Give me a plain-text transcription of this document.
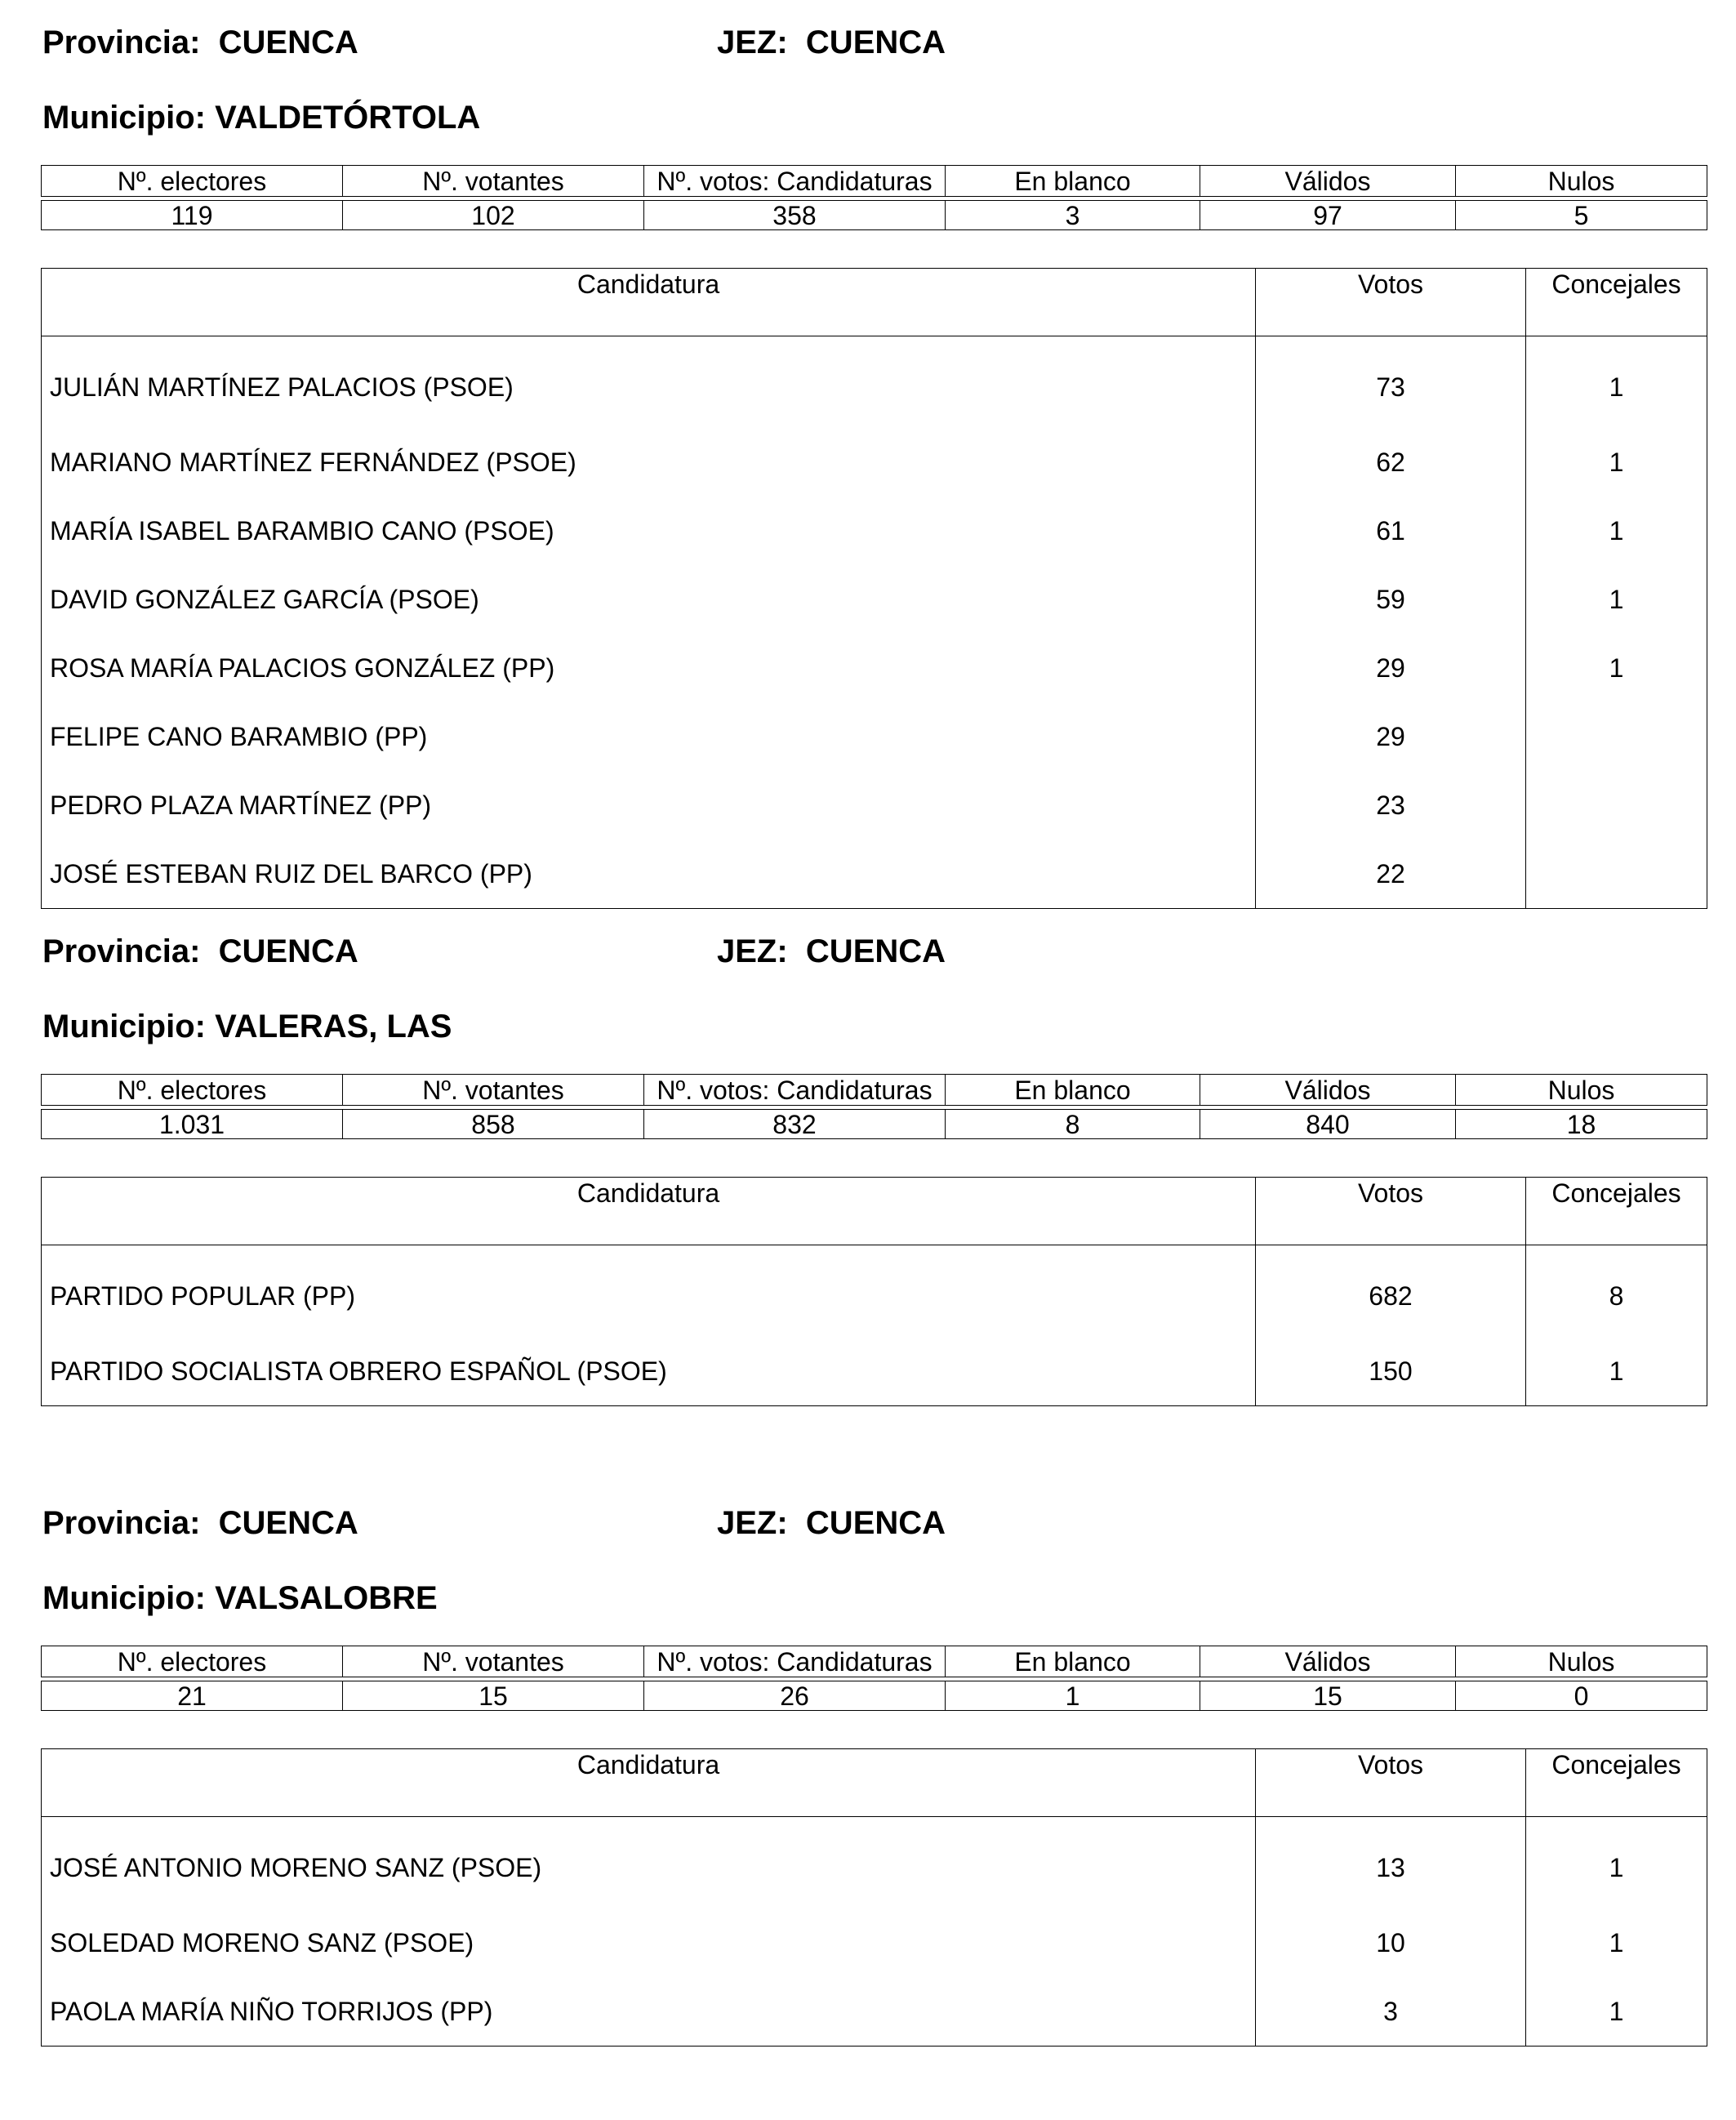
Provincia: CUENCA	JEZ: CUENCA
Municipio: VALDETÓRTOLA
Nº. electores	Nº. votantes	Nº. votos: Candidaturas	En blanco	Válidos	Nulos

119	102	358	3	97	5
Candidatura	Votos	Concejales
JULIÁN MARTÍNEZ PALACIOS (PSOE)	73	1
MARIANO MARTÍNEZ FERNÁNDEZ (PSOE)	62	1
MARÍA ISABEL BARAMBIO CANO (PSOE)	61	1
DAVID GONZÁLEZ GARCÍA (PSOE)	59	1
ROSA MARÍA PALACIOS GONZÁLEZ (PP)	29	1
FELIPE CANO BARAMBIO (PP)	29	
PEDRO PLAZA MARTÍNEZ (PP)	23	
JOSÉ ESTEBAN RUIZ DEL BARCO (PP)	22	
Provincia: CUENCA	JEZ: CUENCA
Municipio: VALERAS, LAS
Nº. electores	Nº. votantes	Nº. votos: Candidaturas	En blanco	Válidos	Nulos

1.031	858	832	8	840	18
Candidatura	Votos	Concejales
PARTIDO POPULAR (PP)	682	8
PARTIDO SOCIALISTA OBRERO ESPAÑOL (PSOE)	150	1
Provincia: CUENCA	JEZ: CUENCA
Municipio: VALSALOBRE
Nº. electores	Nº. votantes	Nº. votos: Candidaturas	En blanco	Válidos	Nulos

21	15	26	1	15	0
Candidatura	Votos	Concejales
JOSÉ ANTONIO MORENO SANZ (PSOE)	13	1
SOLEDAD MORENO SANZ (PSOE)	10	1
PAOLA MARÍA NIÑO TORRIJOS (PP)	3	1
